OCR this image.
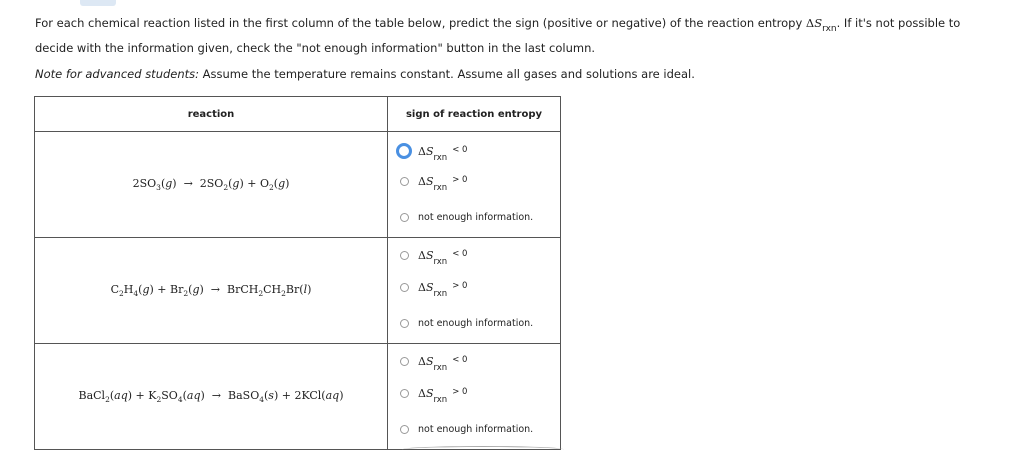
For each chemical reaction listed in the first column of the table below, predict the sign (positive or negative) of the reaction entropy $\Delta S_{rxn}$. If it's not possible to

decide with the information given, check the "not enough information" button in the last column.

Note for advanced students: Assume the temperature remains constant. Assume all gases and solutions are ideal.

reaction	sign of reaction entropy

$2SO_3(g) \to 2SO_2(g) + O_2(g)$	ΔSrxn< 0
ΔSrxn> 0
not enough information.

$C_2H_4(g) + Br_2(g)$  →  $BrCH_2CH_2Br(l)$	ΔSrxn< 0
ΔSrxn> 0
not enough information.

BaCl$_2$(aq) + $K_2SO_4(aq)$  →  BaSO$_4$(s) + 2KCl(aq)	ΔSrxn< 0
ΔSrxn> 0
not enough information.
